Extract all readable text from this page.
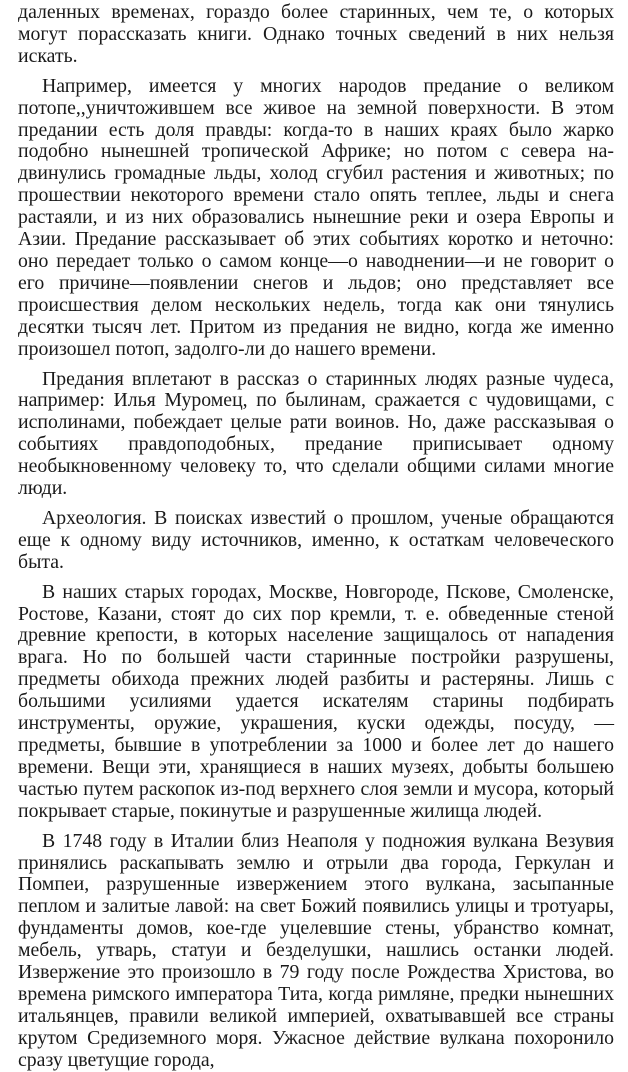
даленных временах, гораздо более старинных, чем те, о которых могут порассказать книги. Однако точных сведений в них нельзя искать.

Например, имеется у многих народов предание о великом потопе,,уничтожившем все живое на земной поверхности. В этом предании есть доля правды: когда-то в наших краях было жарко подобно нынешней тропической Африке; но потом с севера надвинулись громадные льды, холод сгубил растения и животных; по прошествии некоторого времени стало опять теплее, льды и снега растаяли, и из них образовались нынешние реки и озера Европы и Азии. Предание рассказывает об этих событиях коротко и неточно: оно передает только о самом конце—о наводнении—и не говорит о его причине—появлении снегов и льдов; оно представляет все происшествия делом нескольких недель, тогда как они тянулись десятки тысяч лет. Притом из предания не видно, когда же именно произошел потоп, задолго-ли до нашего времени.

Предания вплетают в рассказ о старинных людях разные чудеса, например: Илья Муромец, по былинам, сражается с чудовищами, с исполинами, побеждает целые рати воинов. Но, даже рассказывая о событиях правдоподобных, предание приписывает одному необыкновенному человеку то, что сделали общими силами многие люди.

Археология. В поисках известий о прошлом, ученые обращаются еще к одному виду источников, именно, к остаткам человеческого быта.

В наших старых городах, Москве, Новгороде, Пскове, Смоленске, Ростове, Казани, стоят до сих пор кремли, т. е. обведенные стеной древние крепости, в которых население защищалось от нападения врага. Но по большей части старинные постройки разрушены, предметы обихода прежних людей разбиты и растеряны. Лишь с большими усилиями удается искателям старины подбирать инструменты, оружие, украшения, куски одежды, посуду, — предметы, бывшие в употреблении за 1000 и более лет до нашего времени. Вещи эти, хранящиеся в наших музеях, добыты большею частью путем раскопок из-под верхнего слоя земли и мусора, который покрывает старые, покинутые и разрушенные жилища людей.

В 1748 году в Италии близ Неаполя у подножия вулкана Везувия принялись раскапывать землю и отрыли два города, Геркулан и Помпеи, разрушенные извержением этого вулкана, засыпанные пеплом и залитые лавой: на свет Божий появились улицы и тротуары, фундаменты домов, кое-где уцелевшие стены, убранство комнат, мебель, утварь, статуи и безделушки, нашлись останки людей. Извержение это произошло в 79 году после Рождества Христова, во времена римского императора Тита, когда римляне, предки нынешних итальянцев, правили великой империей, охватывавшей все страны крутом Средиземного моря. Ужасное действие вулкана похоронило сразу цветущие города,
